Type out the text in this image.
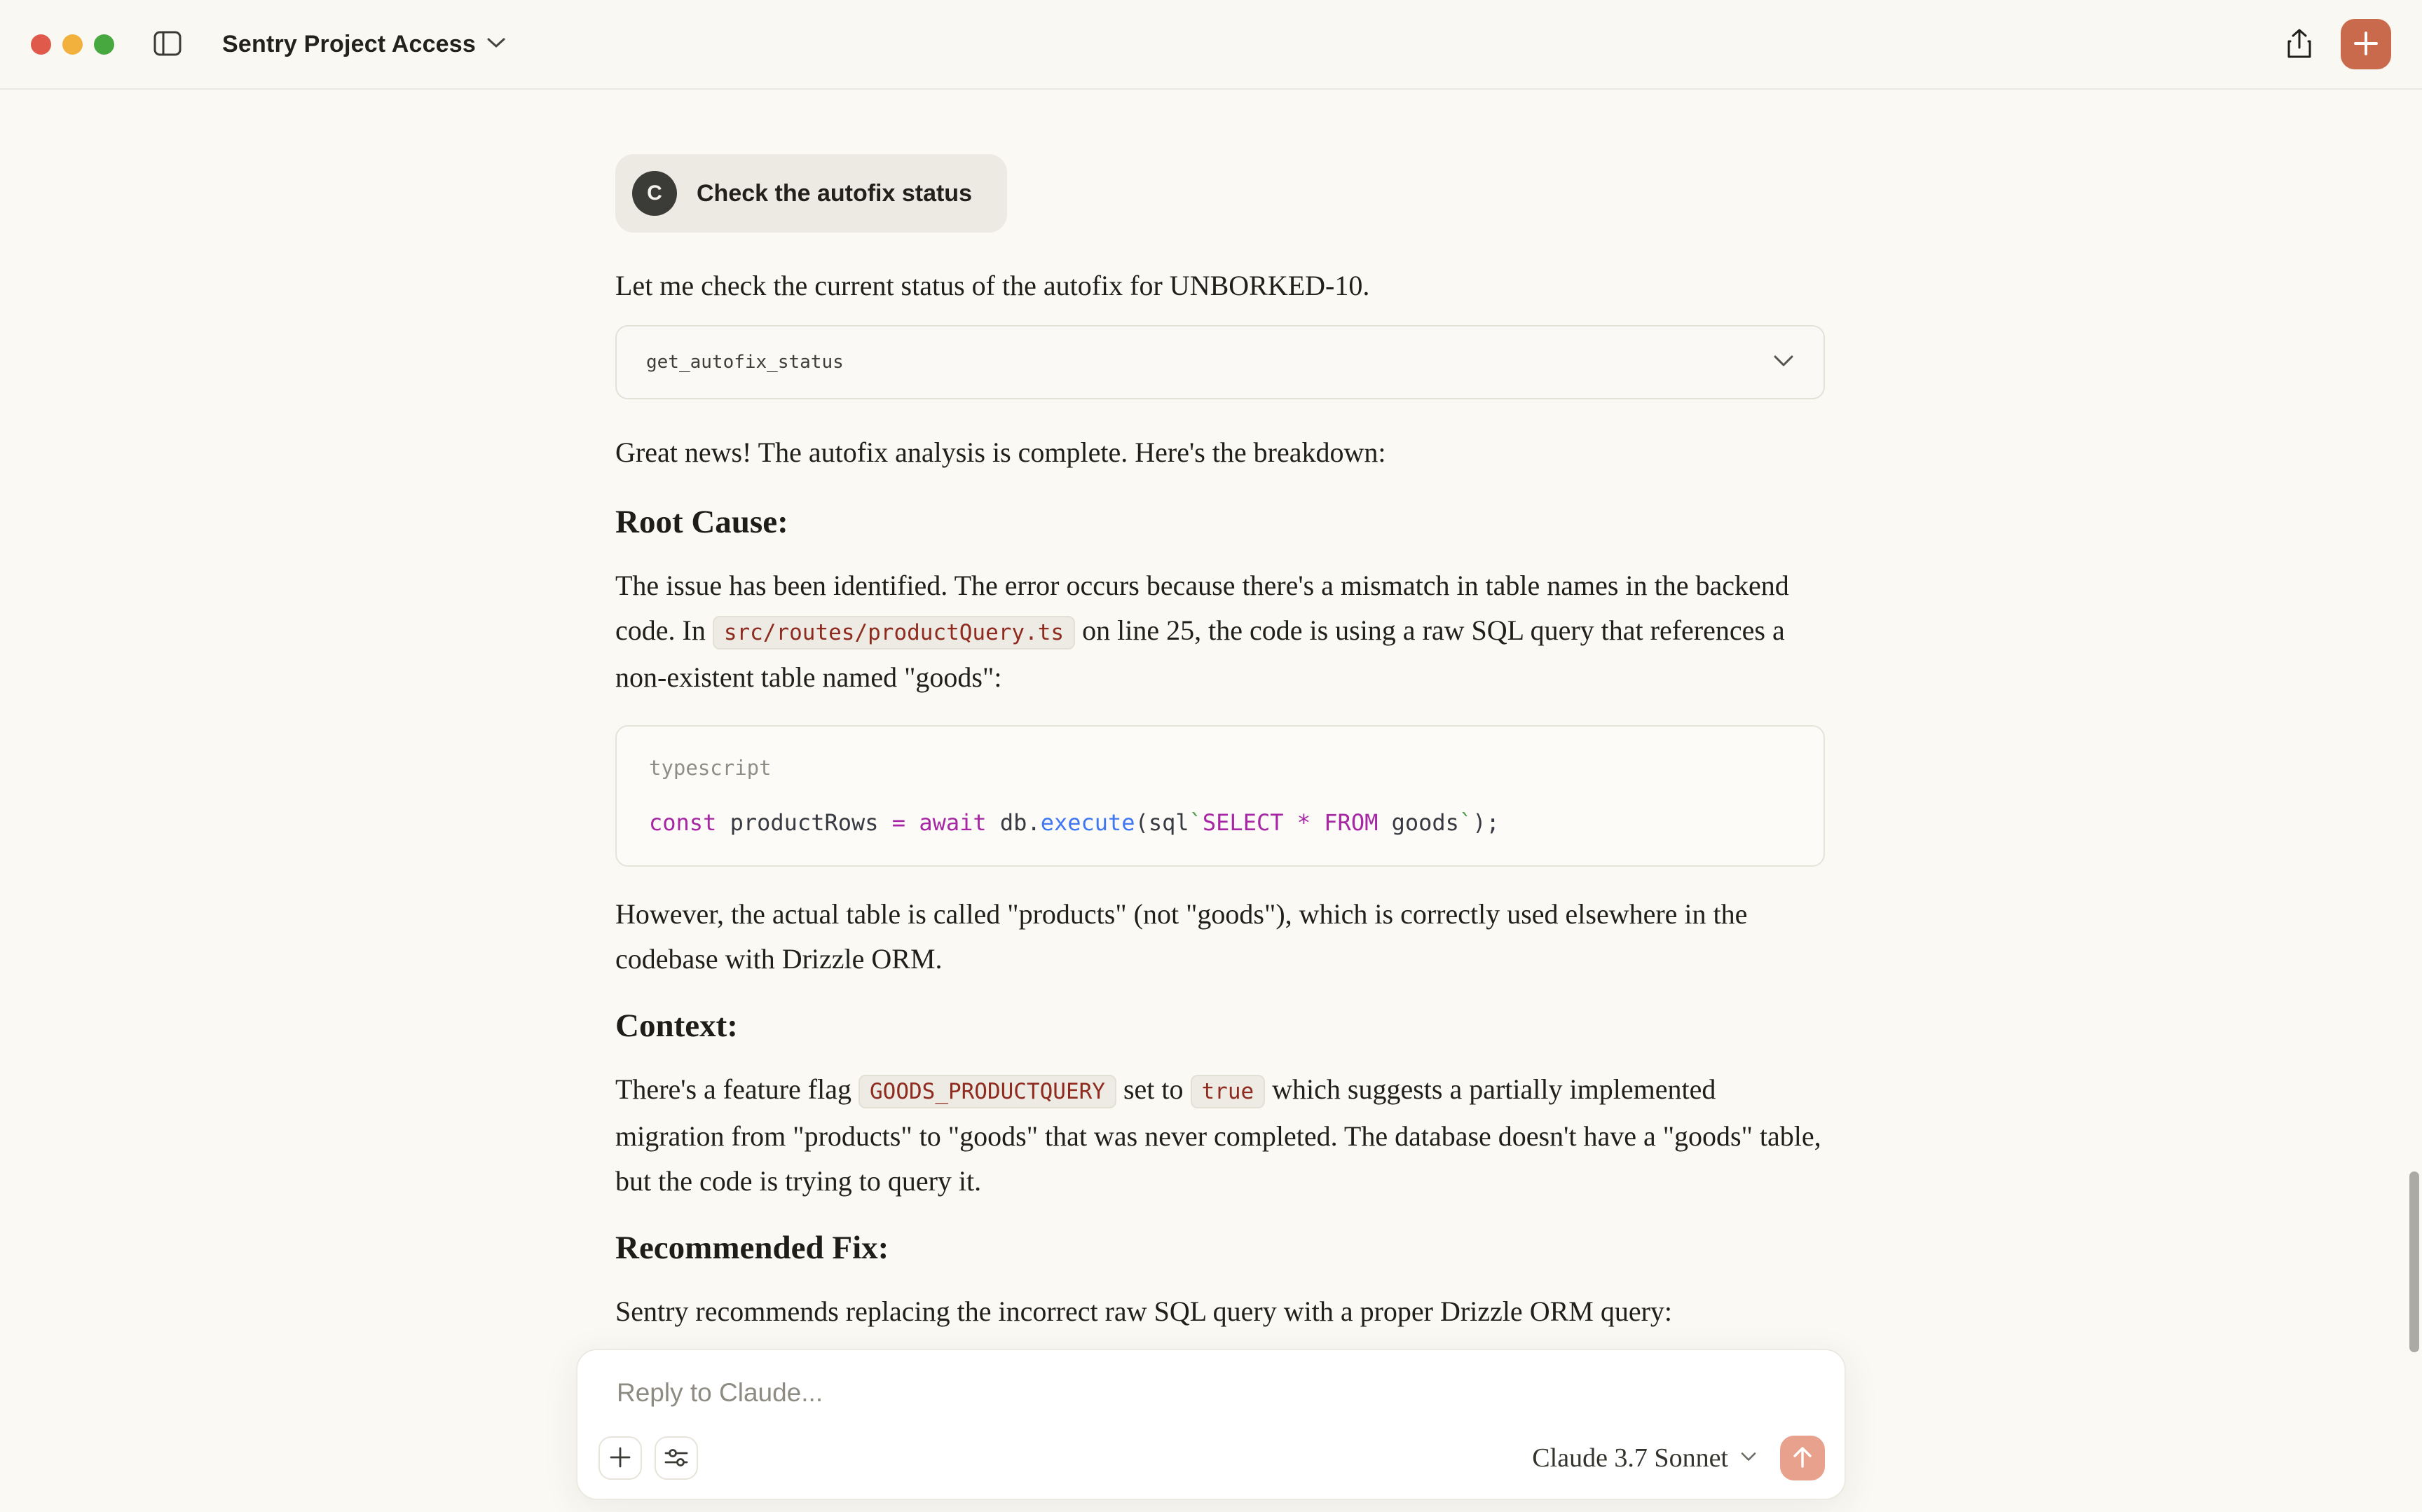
Sentry Project Access
C	Check the autofix status

Let me check the current status of the autofix for UNBORKED-10.

get_autofix_status

Great news! The autofix analysis is complete. Here's the breakdown:

Root Cause:

The issue has been identified. The error occurs because there's a mismatch in table names in the backend code. In src/routes/productQuery.ts on line 25, the code is using a raw SQL query that references a non-existent table named "goods":

typescript
const productRows = await db.execute(sql`SELECT * FROM goods`);

However, the actual table is called "products" (not "goods"), which is correctly used elsewhere in the codebase with Drizzle ORM.

Context:

There's a feature flag GOODS_PRODUCTQUERY set to true which suggests a partially implemented migration from "products" to "goods" that was never completed. The database doesn't have a "goods" table, but the code is trying to query it.

Recommended Fix:

Sentry recommends replacing the incorrect raw SQL query with a proper Drizzle ORM query:

Reply to Claude...
Claude 3.7 Sonnet
